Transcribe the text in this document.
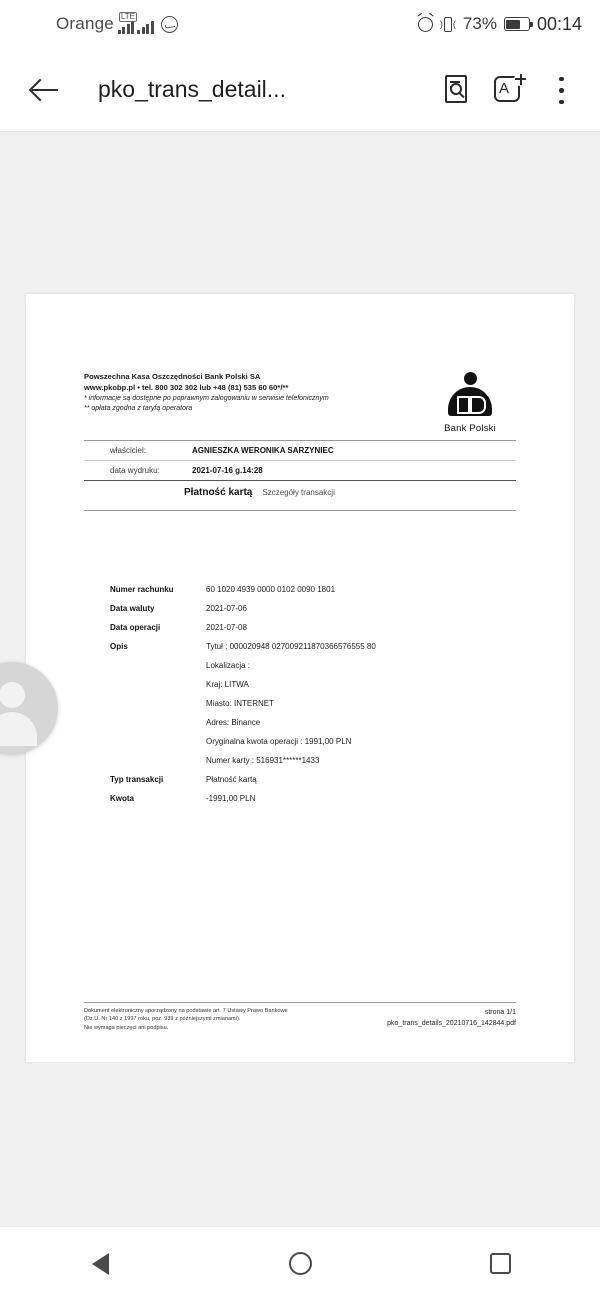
Orange LTE
) ( 73% 00:14
pko_trans_detail...
A
Powszechna Kasa Oszczędności Bank Polski SA
www.pkobp.pl • tel. 800 302 302 lub +48 (81) 535 60 60*/**
* informacje są dostępne po poprawnym zalogowaniu w serwisie telefonicznym
** opłata zgodna z taryfą operatora
Bank Polski
właściciel:	AGNIESZKA WERONIKA SARZYNIEC
data wydruku:	2021-07-16 g.14:28
Płatność kartą Szczegóły transakcji
Numer rachunku	60 1020 4939 0000 0102 0090 1801
Data waluty	2021-07-06
Data operacji	2021-07-08
Opis	Tytuł : 000020948 027009211870366576555 80
Lokalizacja :
Kraj: LITWA
Miasto: INTERNET
Adres: Binance
Oryginalna kwota operacji : 1991,00 PLN
Numer karty : 516931******1433
Typ transakcji	Płatność kartą
Kwota	-1991,00 PLN
Dokument elektroniczny sporządzony na podstawie art. 7 Ustawy Prawo Bankowe
(Dz.U. Nr 140 z 1997 roku, poz. 939 z późniejszymi zmianami).
Nie wymaga pieczęci ani podpisu.
strona 1/1
pko_trans_details_20210716_142844.pdf
